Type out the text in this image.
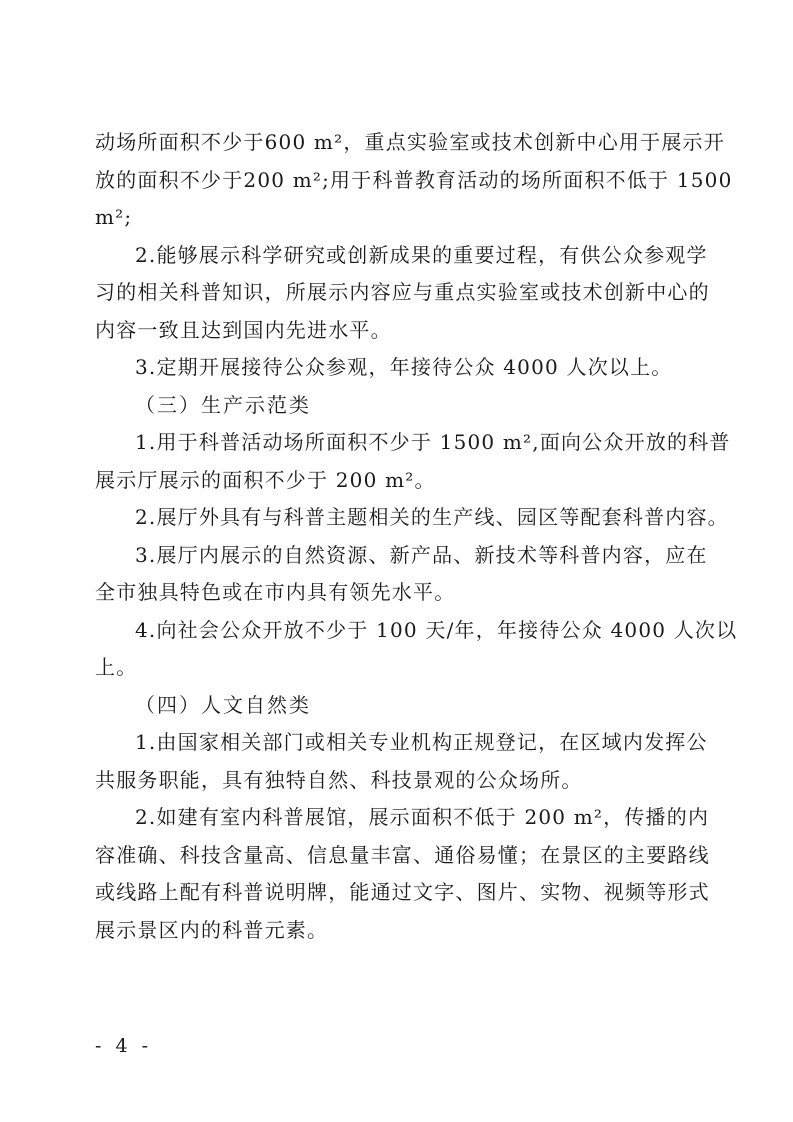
动场所面积不少于600 m²，重点实验室或技术创新中心用于展示开
放的面积不少于200 m²;用于科普教育活动的场所面积不低于 1500
m²;
2.能够展示科学研究或创新成果的重要过程，有供公众参观学
习的相关科普知识，所展示内容应与重点实验室或技术创新中心的
内容一致且达到国内先进水平。
3.定期开展接待公众参观，年接待公众 4000 人次以上。
（三）生产示范类
1.用于科普活动场所面积不少于 1500 m²,面向公众开放的科普
展示厅展示的面积不少于 200 m²。
2.展厅外具有与科普主题相关的生产线、园区等配套科普内容。
3.展厅内展示的自然资源、新产品、新技术等科普内容，应在
全市独具特色或在市内具有领先水平。
4.向社会公众开放不少于 100 天/年，年接待公众 4000 人次以
上。
（四）人文自然类
1.由国家相关部门或相关专业机构正规登记，在区域内发挥公
共服务职能，具有独特自然、科技景观的公众场所。
2.如建有室内科普展馆，展示面积不低于 200 m²，传播的内
容准确、科技含量高、信息量丰富、通俗易懂；在景区的主要路线
或线路上配有科普说明牌，能通过文字、图片、实物、视频等形式
展示景区内的科普元素。
- 4 -
